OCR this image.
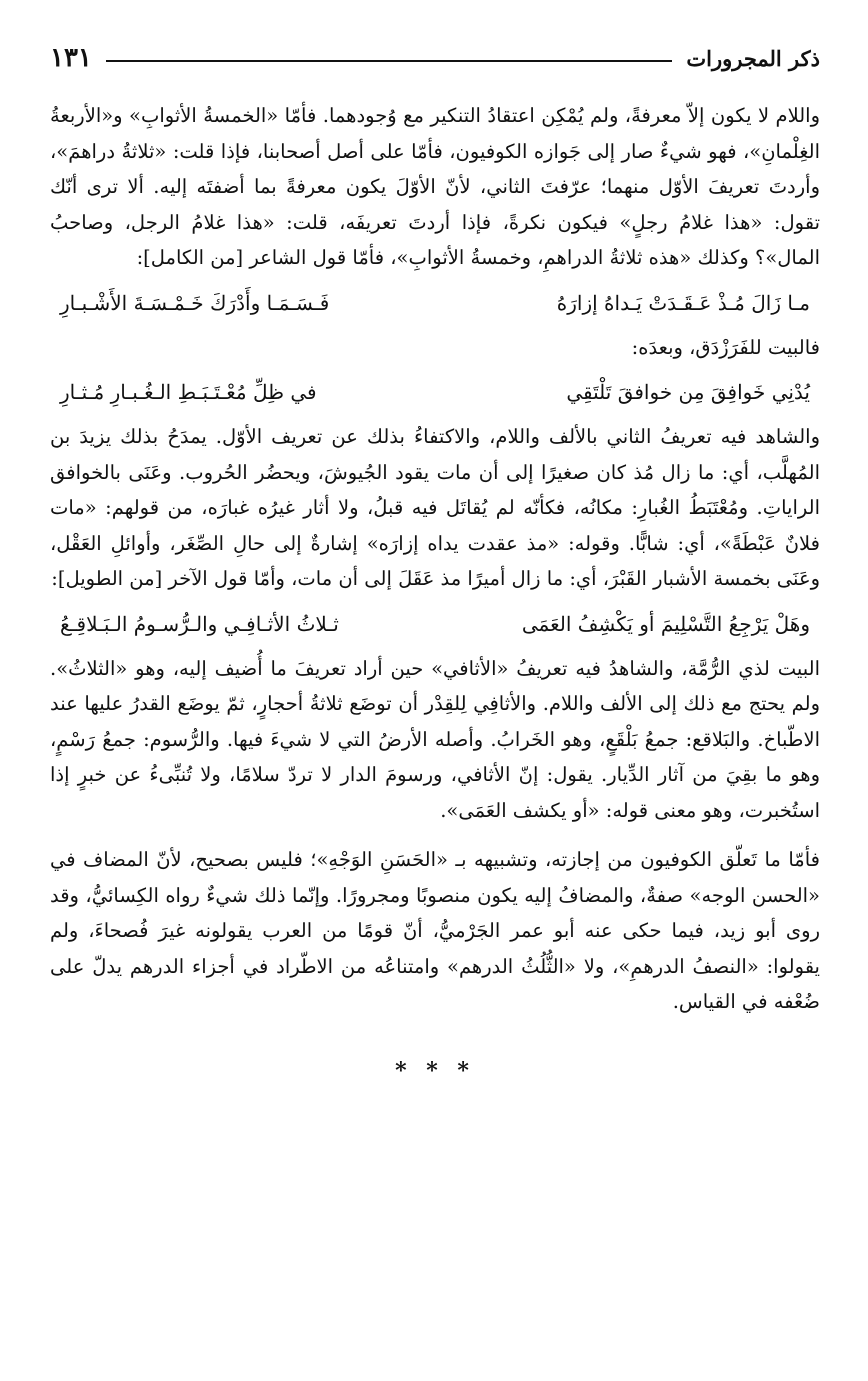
ذكر المجرورات
١٣١

واللام لا يكون إلاّ معرفةً، ولم يُمْكِن اعتقادُ التنكير مع وُجودهما. فأمّا «الخمسةُ الأثوابِ» و«الأربعةُ الغِلْمانِ»، فهو شيءٌ صار إلى جَوازه الكوفيون، فأمّا على أصل أصحابنا، فإذا قلت: «ثلاثةُ دراهمَ»، وأردتَ تعريفَ الأوّل منهما؛ عرّفتَ الثاني، لأنّ الأوّلَ يكون معرفةً بما أضفتَه إليه. ألا ترى أنّك تقول: «هذا غلامُ رجلٍ» فيكون نكرةً، فإذا أردتَ تعريفَه، قلت: «هذا غلامُ الرجل، وصاحبُ المال»؟ وكذلك «هذه ثلاثةُ الدراهمِ، وخمسةُ الأثوابِ»، فأمّا قول الشاعر [من الكامل]:

مـا زَالَ مُـذْ عَـقَـدَتْ يَـداهُ إزارَهُ
فَـسَـمَـا وأَدْرَكَ خَـمْـسَـةَ الأَشْـبـارِ

فالبيت للفَرَزْدَق، وبعدَه:

يُدْنِي خَوافِقَ مِن خوافقَ تَلْتَقِي
في ظِلِّ مُعْـتَـبَـطِ الـغُـبـارِ مُـثـارِ

والشاهد فيه تعريفُ الثاني بالألف واللام، والاكتفاءُ بذلك عن تعريف الأوّل. يمدَحُ بذلك يزيدَ بن المُهلَّب، أي: ما زال مُذ كان صغيرًا إلى أن مات يقود الجُيوشَ، ويحضُر الحُروب. وعَنَى بالخوافق الراياتِ. ومُعْتَبَطُ الغُبارِ: مكانُه، فكأنّه لم يُقاتَل فيه قبلُ، ولا أثار غيرُه غبارَه، من قولهم: «مات فلانٌ عَبْطَةً»، أي: شابًّا. وقوله: «مذ عقدت يداه إزارَه» إشارةٌ إلى حالِ الصِّغَر، وأوائلِ العَقْل، وعَنَى بخمسة الأشبار القَبْرَ، أي: ما زال أميرًا مذ عَقَلَ إلى أن مات، وأمّا قول الآخر [من الطويل]:

وهَلْ يَرْجِعُ التَّسْلِيمَ أو يَكْشِفُ العَمَى
ثـلاثُ الأثـافِـي والـرُّسـومُ الـبَـلاقِـعُ

البيت لذي الرُّمَّة، والشاهدُ فيه تعريفُ «الأثافي» حين أراد تعريفَ ما أُضيف إليه، وهو «الثلاثُ». ولم يحتج مع ذلك إلى الألف واللام. والأثافِي لِلقِدْر أن توضَع ثلاثةُ أحجارٍ، ثمّ يوضَع القدرُ عليها عند الاطّباخ. والبَلاقع: جمعُ بَلْقَعٍ، وهو الخَرابُ. وأصله الأرضُ التي لا شيءَ فيها. والرُّسوم: جمعُ رَسْمٍ، وهو ما بقِيَ من آثار الدِّيار. يقول: إنّ الأثافي، ورسومَ الدار لا تردّ سلامًا، ولا تُنبِّىءُ عن خبرٍ إذا استُخبرت، وهو معنى قوله: «أو يكشف العَمَى».

فأمّا ما تَعلّق الكوفيون من إجازته، وتشبيهه بـ «الحَسَنِ الوَجْهِ»؛ فليس بصحيح، لأنّ المضاف في «الحسن الوجه» صفةٌ، والمضافُ إليه يكون منصوبًا ومجرورًا. وإنّما ذلك شيءٌ رواه الكِسائيُّ، وقد روى أبو زيد، فيما حكى عنه أبو عمر الجَرْميُّ، أنّ قومًا من العرب يقولونه غيرَ فُصحاءَ، ولم يقولوا: «النصفُ الدرهمِ»، ولا «الثُّلُثُ الدرهم» وامتناعُه من الاطّراد في أجزاء الدرهم يدلّ على ضُعْفه في القياس.

* * *
